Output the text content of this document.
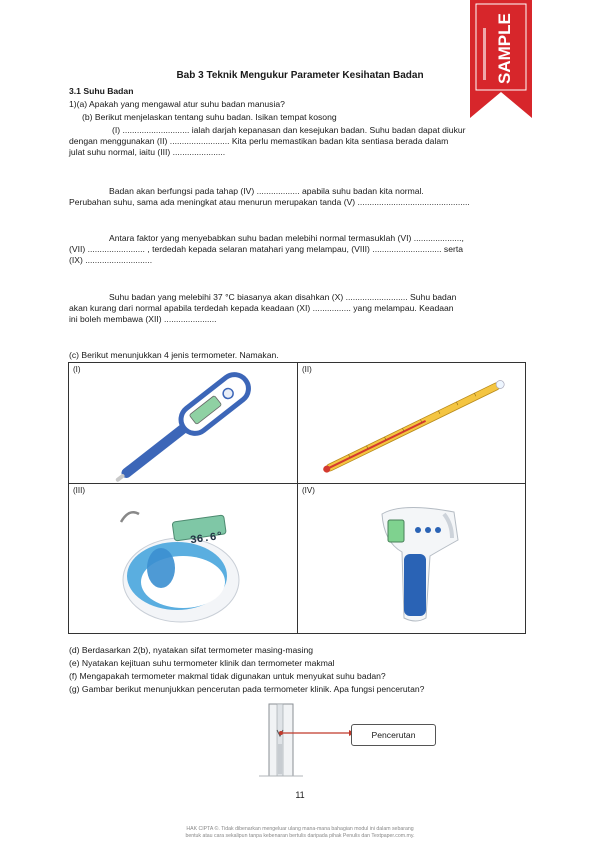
SAMPLE
Bab 3 Teknik Mengukur Parameter Kesihatan Badan
3.1 Suhu Badan
1)(a) Apakah yang mengawal atur suhu badan manusia?
(b) Berikut menjelaskan tentang suhu badan. Isikan tempat kosong

(I) ............................ ialah darjah kepanasan dan kesejukan badan. Suhu badan dapat diukur

dengan menggunakan (II) ......................... Kita perlu memastikan badan kita sentiasa berada dalam

julat suhu normal, iaitu (III) ......................

Badan akan berfungsi pada tahap (IV) .................. apabila suhu badan kita normal.

Perubahan suhu, sama ada meningkat atau menurun merupakan tanda (V) ...............................................

Antara faktor yang menyebabkan suhu badan melebihi normal termasuklah (VI) ....................,

(VII) ........................ , terdedah kepada selaran matahari yang melampau, (VIII) ............................. serta

(IX) ............................

Suhu badan yang melebihi 37 °C biasanya akan disahkan (X) .......................... Suhu badan

akan kurang dari normal apabila terdedah kepada keadaan (XI) ................ yang melampau. Keadaan

ini boleh membawa (XII) ......................

(c) Berikut menunjukkan 4 jenis termometer. Namakan.
(I)	(II)
(III)
36.6°
(IV)
(d) Berdasarkan 2(b), nyatakan sifat termometer masing-masing
(e) Nyatakan kejituan suhu termometer klinik dan termometer makmal
(f) Mengapakah termometer makmal tidak digunakan untuk menyukat suhu badan?
(g) Gambar berikut menunjukkan pencerutan pada termometer klinik. Apa fungsi pencerutan?
Pencerutan
11
HAK CIPTA ©. Tidak dibenarkan mengeluar ulang mana-mana bahagian modul ini dalam sebarang
bentuk atau cara sekalipun tanpa kebenaran bertulis daripada pihak Penulis dan Textpaper.com.my.
